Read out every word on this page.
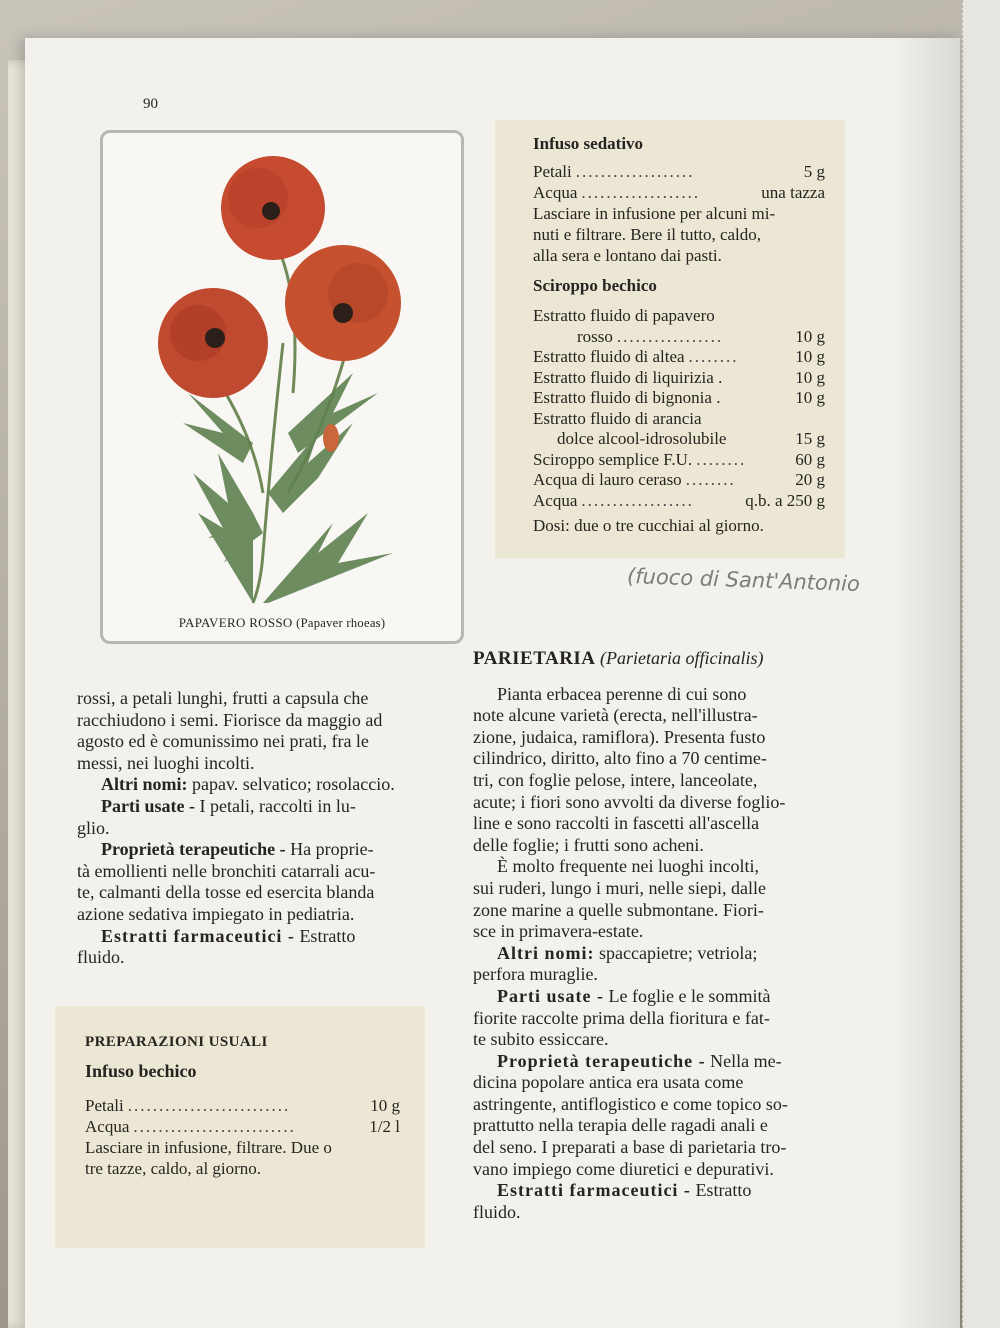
90
PAPAVERO ROSSO (Papaver rhoeas)
Infuso sedativo
Petali ...................	5 g
Acqua ...................	una tazza
Lasciare in infusione per alcuni mi-
nuti e filtrare. Bere il tutto, caldo,
alla sera e lontano dai pasti.
Sciroppo bechico
Estratto fluido di papavero
rosso .................	10 g
Estratto fluido di altea ........	10 g
Estratto fluido di liquirizia .	10 g
Estratto fluido di bignonia .	10 g
Estratto fluido di arancia
dolce alcool-idrosolubile	15 g
Sciroppo semplice F.U. ........	60 g
Acqua di lauro ceraso ........	20 g
Acqua ..................	q.b. a 250 g
Dosi: due o tre cucchiai al giorno.
(fuoco di Sant'Antonio

rossi, a petali lunghi, frutti a capsula che

racchiudono i semi. Fiorisce da maggio ad

agosto ed è comunissimo nei prati, fra le

messi, nei luoghi incolti.

Altri nomi: papav. selvatico; rosolaccio.

Parti usate - I petali, raccolti in lu-

glio.

Proprietà terapeutiche - Ha proprie-

tà emollienti nelle bronchiti catarrali acu-

te, calmanti della tosse ed esercita blanda

azione sedativa impiegato in pediatria.

Estratti farmaceutici - Estratto

fluido.

PREPARAZIONI USUALI
Infuso bechico
Petali ..........................	10 g
Acqua ..........................	1/2 l
Lasciare in infusione, filtrare. Due o
tre tazze, caldo, al giorno.

PARIETARIA (Parietaria officinalis)

Pianta erbacea perenne di cui sono

note alcune varietà (erecta, nell'illustra-

zione, judaica, ramiflora). Presenta fusto

cilindrico, diritto, alto fino a 70 centime-

tri, con foglie pelose, intere, lanceolate,

acute; i fiori sono avvolti da diverse foglio-

line e sono raccolti in fascetti all'ascella

delle foglie; i frutti sono acheni.

È molto frequente nei luoghi incolti,

sui ruderi, lungo i muri, nelle siepi, dalle

zone marine a quelle submontane. Fiori-

sce in primavera-estate.

Altri nomi: spaccapietre; vetriola;

perfora muraglie.

Parti usate - Le foglie e le sommità

fiorite raccolte prima della fioritura e fat-

te subito essiccare.

Proprietà terapeutiche - Nella me-

dicina popolare antica era usata come

astringente, antiflogistico e come topico so-

prattutto nella terapia delle ragadi anali e

del seno. I preparati a base di parietaria tro-

vano impiego come diuretici e depurativi.

Estratti farmaceutici - Estratto

fluido.
